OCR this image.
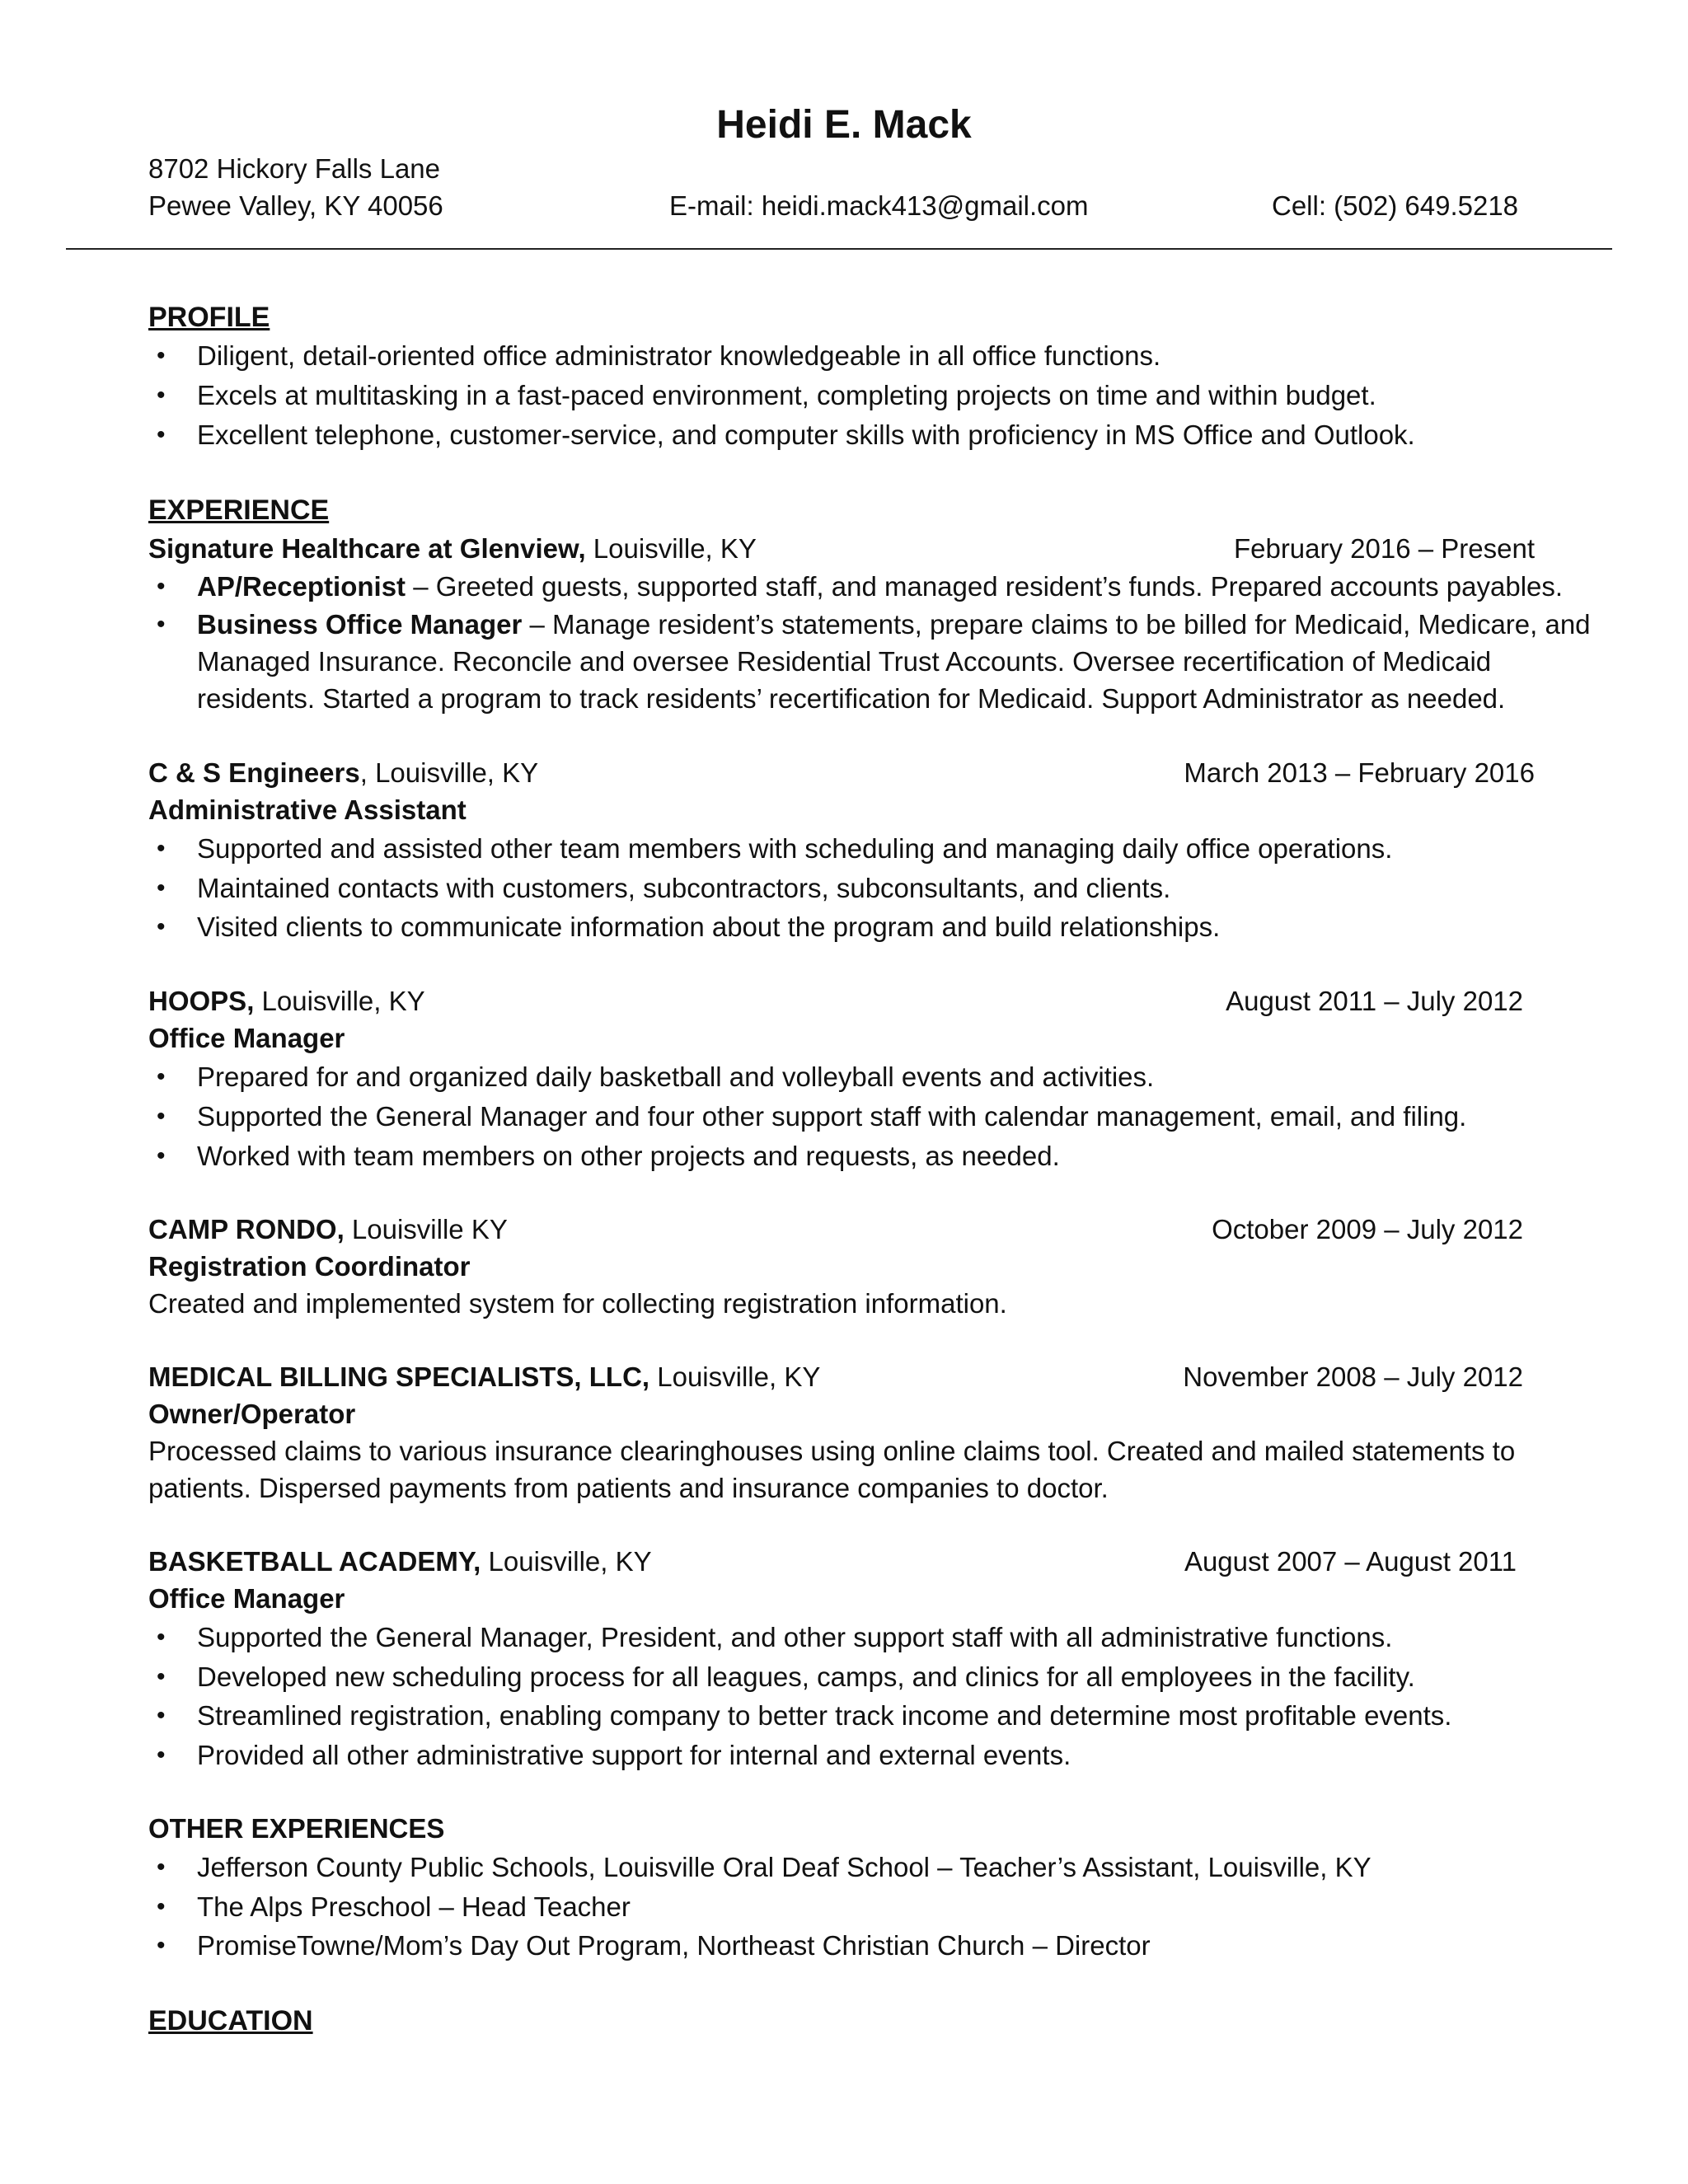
Heidi E. Mack
8702 Hickory Falls Lane
Pewee Valley, KY 40056	E-mail: heidi.mack413@gmail.com	Cell: (502) 649.5218
PROFILE
• Diligent, detail-oriented office administrator knowledgeable in all office functions.
• Excels at multitasking in a fast-paced environment, completing projects on time and within budget.
• Excellent telephone, customer-service, and computer skills with proficiency in MS Office and Outlook.
EXPERIENCE
Signature Healthcare at Glenview, Louisville, KY	February 2016 – Present
• AP/Receptionist – Greeted guests, supported staff, and managed resident’s funds. Prepared accounts payables.
• Business Office Manager – Manage resident’s statements, prepare claims to be billed for Medicaid, Medicare, and
Managed Insurance. Reconcile and oversee Residential Trust Accounts. Oversee recertification of Medicaid
residents. Started a program to track residents’ recertification for Medicaid. Support Administrator as needed.
C & S Engineers, Louisville, KY	March 2013 – February 2016
Administrative Assistant
• Supported and assisted other team members with scheduling and managing daily office operations.
• Maintained contacts with customers, subcontractors, subconsultants, and clients.
• Visited clients to communicate information about the program and build relationships.
HOOPS, Louisville, KY	August 2011 – July 2012
Office Manager
• Prepared for and organized daily basketball and volleyball events and activities.
• Supported the General Manager and four other support staff with calendar management, email, and filing.
• Worked with team members on other projects and requests, as needed.
CAMP RONDO, Louisville KY	October 2009 – July 2012
Registration Coordinator
Created and implemented system for collecting registration information.
MEDICAL BILLING SPECIALISTS, LLC, Louisville, KY	November 2008 – July 2012
Owner/Operator
Processed claims to various insurance clearinghouses using online claims tool. Created and mailed statements to
patients. Dispersed payments from patients and insurance companies to doctor.
BASKETBALL ACADEMY, Louisville, KY	August 2007 – August 2011
Office Manager
• Supported the General Manager, President, and other support staff with all administrative functions.
• Developed new scheduling process for all leagues, camps, and clinics for all employees in the facility.
• Streamlined registration, enabling company to better track income and determine most profitable events.
• Provided all other administrative support for internal and external events.
OTHER EXPERIENCES
• Jefferson County Public Schools, Louisville Oral Deaf School – Teacher’s Assistant, Louisville, KY
• The Alps Preschool – Head Teacher
• PromiseTowne/Mom’s Day Out Program, Northeast Christian Church – Director
EDUCATION
